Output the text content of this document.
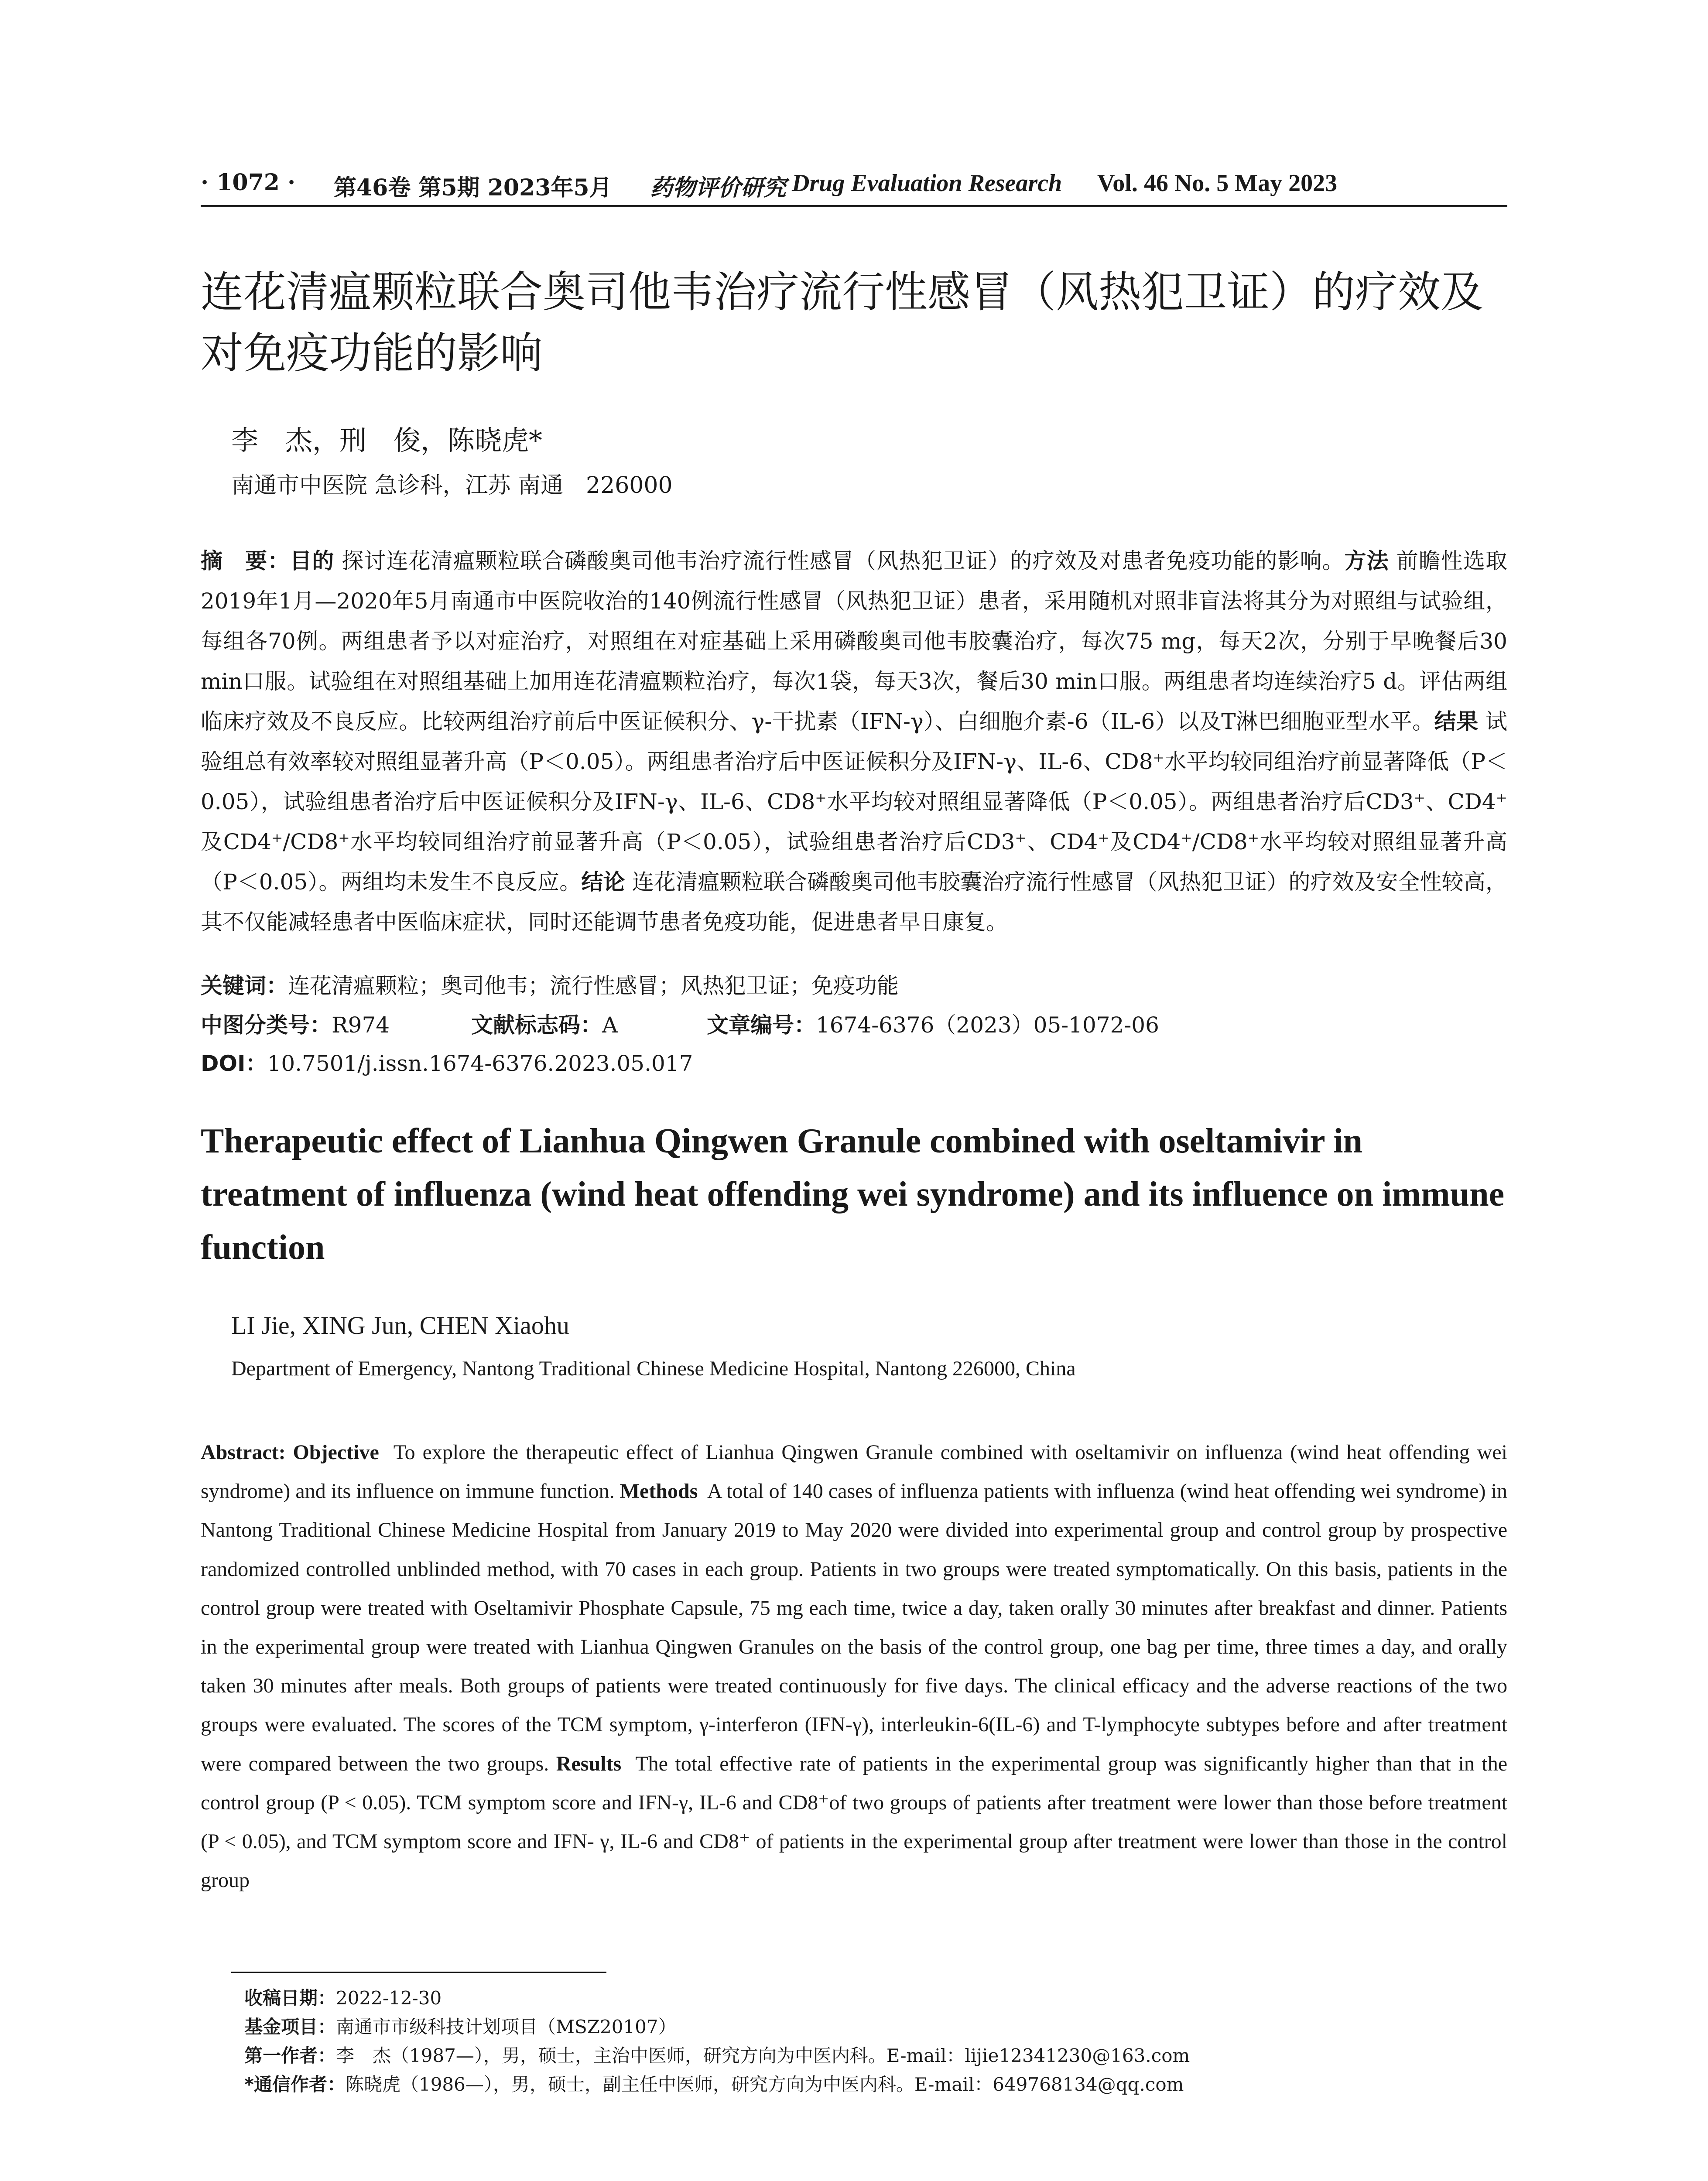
· 1072 · 第46卷 第5期 2023年5月 药物评价研究 Drug Evaluation Research Vol. 46 No. 5 May 2023
连花清瘟颗粒联合奥司他韦治疗流行性感冒（风热犯卫证）的疗效及对免疫功能的影响
李　杰，刑　俊，陈晓虎*
南通市中医院 急诊科，江苏 南通　226000
摘　要：目的 探讨连花清瘟颗粒联合磷酸奥司他韦治疗流行性感冒（风热犯卫证）的疗效及对患者免疫功能的影响。方法 前瞻性选取2019年1月—2020年5月南通市中医院收治的140例流行性感冒（风热犯卫证）患者，采用随机对照非盲法将其分为对照组与试验组，每组各70例。两组患者予以对症治疗，对照组在对症基础上采用磷酸奥司他韦胶囊治疗，每次75 mg，每天2次，分别于早晚餐后30 min口服。试验组在对照组基础上加用连花清瘟颗粒治疗，每次1袋，每天3次，餐后30 min口服。两组患者均连续治疗5 d。评估两组临床疗效及不良反应。比较两组治疗前后中医证候积分、γ-干扰素（IFN-γ）、白细胞介素-6（IL-6）以及T淋巴细胞亚型水平。结果 试验组总有效率较对照组显著升高（P＜0.05）。两组患者治疗后中医证候积分及IFN-γ、IL-6、CD8⁺水平均较同组治疗前显著降低（P＜0.05），试验组患者治疗后中医证候积分及IFN-γ、IL-6、CD8⁺水平均较对照组显著降低（P＜0.05）。两组患者治疗后CD3⁺、CD4⁺及CD4⁺/CD8⁺水平均较同组治疗前显著升高（P＜0.05），试验组患者治疗后CD3⁺、CD4⁺及CD4⁺/CD8⁺水平均较对照组显著升高（P＜0.05）。两组均未发生不良反应。结论 连花清瘟颗粒联合磷酸奥司他韦胶囊治疗流行性感冒（风热犯卫证）的疗效及安全性较高，其不仅能减轻患者中医临床症状，同时还能调节患者免疫功能，促进患者早日康复。
关键词：连花清瘟颗粒；奥司他韦；流行性感冒；风热犯卫证；免疫功能
中图分类号：R974	文献标志码：A	文章编号：1674-6376（2023）05-1072-06
DOI：10.7501/j.issn.1674-6376.2023.05.017
Therapeutic effect of Lianhua Qingwen Granule combined with oseltamivir in treatment of influenza (wind heat offending wei syndrome) and its influence on immune function
LI Jie, XING Jun, CHEN Xiaohu
Department of Emergency, Nantong Traditional Chinese Medicine Hospital, Nantong 226000, China
Abstract: Objective To explore the therapeutic effect of Lianhua Qingwen Granule combined with oseltamivir on influenza (wind heat offending wei syndrome) and its influence on immune function. Methods A total of 140 cases of influenza patients with influenza (wind heat offending wei syndrome) in Nantong Traditional Chinese Medicine Hospital from January 2019 to May 2020 were divided into experimental group and control group by prospective randomized controlled unblinded method, with 70 cases in each group. Patients in two groups were treated symptomatically. On this basis, patients in the control group were treated with Oseltamivir Phosphate Capsule, 75 mg each time, twice a day, taken orally 30 minutes after breakfast and dinner. Patients in the experimental group were treated with Lianhua Qingwen Granules on the basis of the control group, one bag per time, three times a day, and orally taken 30 minutes after meals. Both groups of patients were treated continuously for five days. The clinical efficacy and the adverse reactions of the two groups were evaluated. The scores of the TCM symptom, γ-interferon (IFN-γ), interleukin-6(IL-6) and T-lymphocyte subtypes before and after treatment were compared between the two groups. Results The total effective rate of patients in the experimental group was significantly higher than that in the control group (P < 0.05). TCM symptom score and IFN-γ, IL-6 and CD8⁺of two groups of patients after treatment were lower than those before treatment (P < 0.05), and TCM symptom score and IFN- γ, IL-6 and CD8⁺ of patients in the experimental group after treatment were lower than those in the control group
收稿日期：2022-12-30
基金项目：南通市市级科技计划项目（MSZ20107）
第一作者：李　杰（1987—），男，硕士，主治中医师，研究方向为中医内科。E-mail：lijie12341230@163.com
*通信作者：陈晓虎（1986—），男，硕士，副主任中医师，研究方向为中医内科。E-mail：649768134@qq.com
